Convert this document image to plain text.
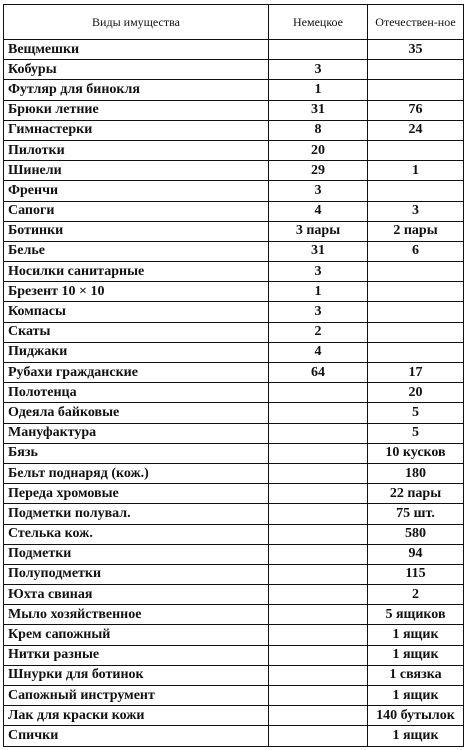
Виды имущества	Немецкое	Отечествен-ное
Вещмешки		35
Кобуры	3	
Футляр для бинокля	1	
Брюки летние	31	76
Гимнастерки	8	24
Пилотки	20	
Шинели	29	1
Френчи	3	
Сапоги	4	3
Ботинки	3 пары	2 пары
Белье	31	6
Носилки санитарные	3	
Брезент 10 × 10	1	
Компасы	3	
Скаты	2	
Пиджаки	4	
Рубахи гражданские	64	17
Полотенца		20
Одеяла байковые		5
Мануфактура		5
Бязь		10 кусков
Бельт поднаряд (кож.)		180
Переда хромовые		22 пары
Подметки полувал.		75 шт.
Стелька кож.		580
Подметки		94
Полуподметки		115
Юхта свиная		2
Мыло хозяйственное		5 ящиков
Крем сапожный		1 ящик
Нитки разные		1 ящик
Шнурки для ботинок		1 связка
Сапожный инструмент		1 ящик
Лак для краски кожи		140 бутылок
Спички		1 ящик
